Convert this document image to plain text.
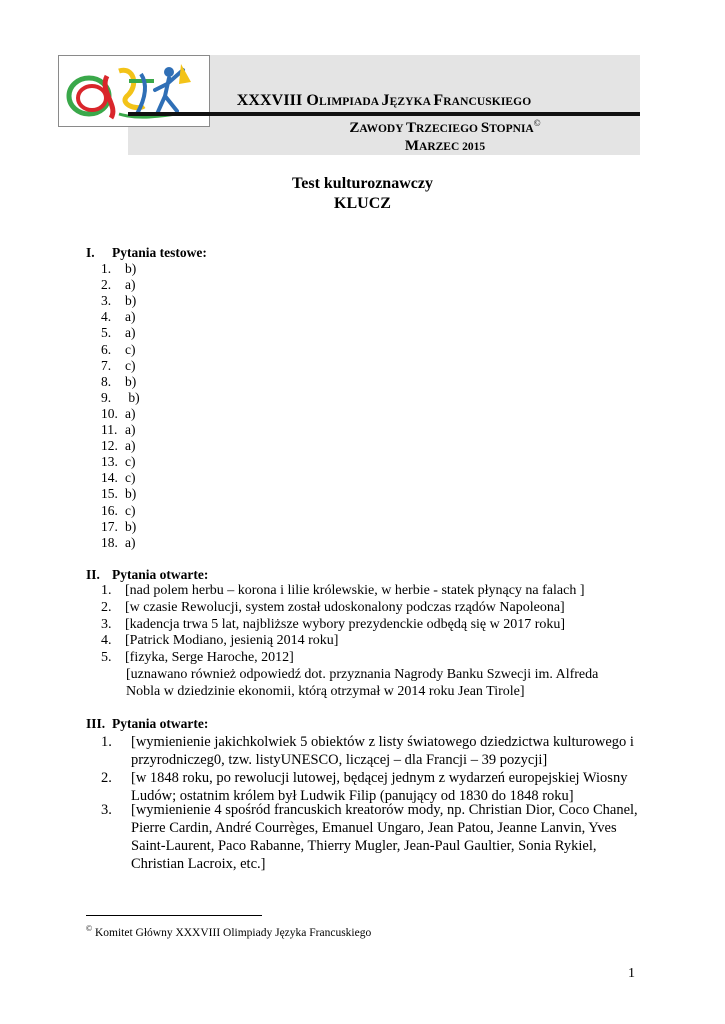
XXXVIII OLIMPIADA JĘZYKA FRANCUSKIEGO
ZAWODY TRZECIEGO STOPNIA©
MARZEC 2015
Test kulturoznawczy
KLUCZ
I. Pytania testowe:
1. b)
2. a)
3. b)
4. a)
5. a)
6. c)
7. c)
8. b)
9. b)
10. a)
11. a)
12. a)
13. c)
14. c)
15. b)
16. c)
17. b)
18. a)
II. Pytania otwarte:
1. [nad polem herbu – korona i lilie królewskie, w herbie - statek płynący na falach ]
2. [w czasie Rewolucji, system został udoskonalony podczas rządów Napoleona]
3. [kadencja trwa 5 lat, najbliższe wybory prezydenckie odbędą się w 2017 roku]
4. [Patrick Modiano, jesienią 2014 roku]
5. [fizyka, Serge Haroche, 2012]
[uznawano również odpowiedź dot. przyznania Nagrody Banku Szwecji im. Alfreda
Nobla w dziedzinie ekonomii, którą otrzymał w 2014 roku Jean Tirole]
III. Pytania otwarte:
1. [wymienienie jakichkolwiek 5 obiektów z listy światowego dziedzictwa kulturowego i przyrodniczeg0, tzw. listyUNESCO, liczącej – dla Francji – 39 pozycji]
2. [w 1848 roku, po rewolucji lutowej, będącej jednym z wydarzeń europejskiej Wiosny Ludów; ostatnim królem był Ludwik Filip (panujący od 1830 do 1848 roku]
3. [wymienienie 4 spośród francuskich kreatorów mody, np. Christian Dior, Coco Chanel, Pierre Cardin, André Courrèges, Emanuel Ungaro, Jean Patou, Jeanne Lanvin, Yves Saint-Laurent, Paco Rabanne, Thierry Mugler, Jean-Paul Gaultier, Sonia Rykiel, Christian Lacroix, etc.]
© Komitet Główny XXXVIII Olimpiady Języka Francuskiego
1
